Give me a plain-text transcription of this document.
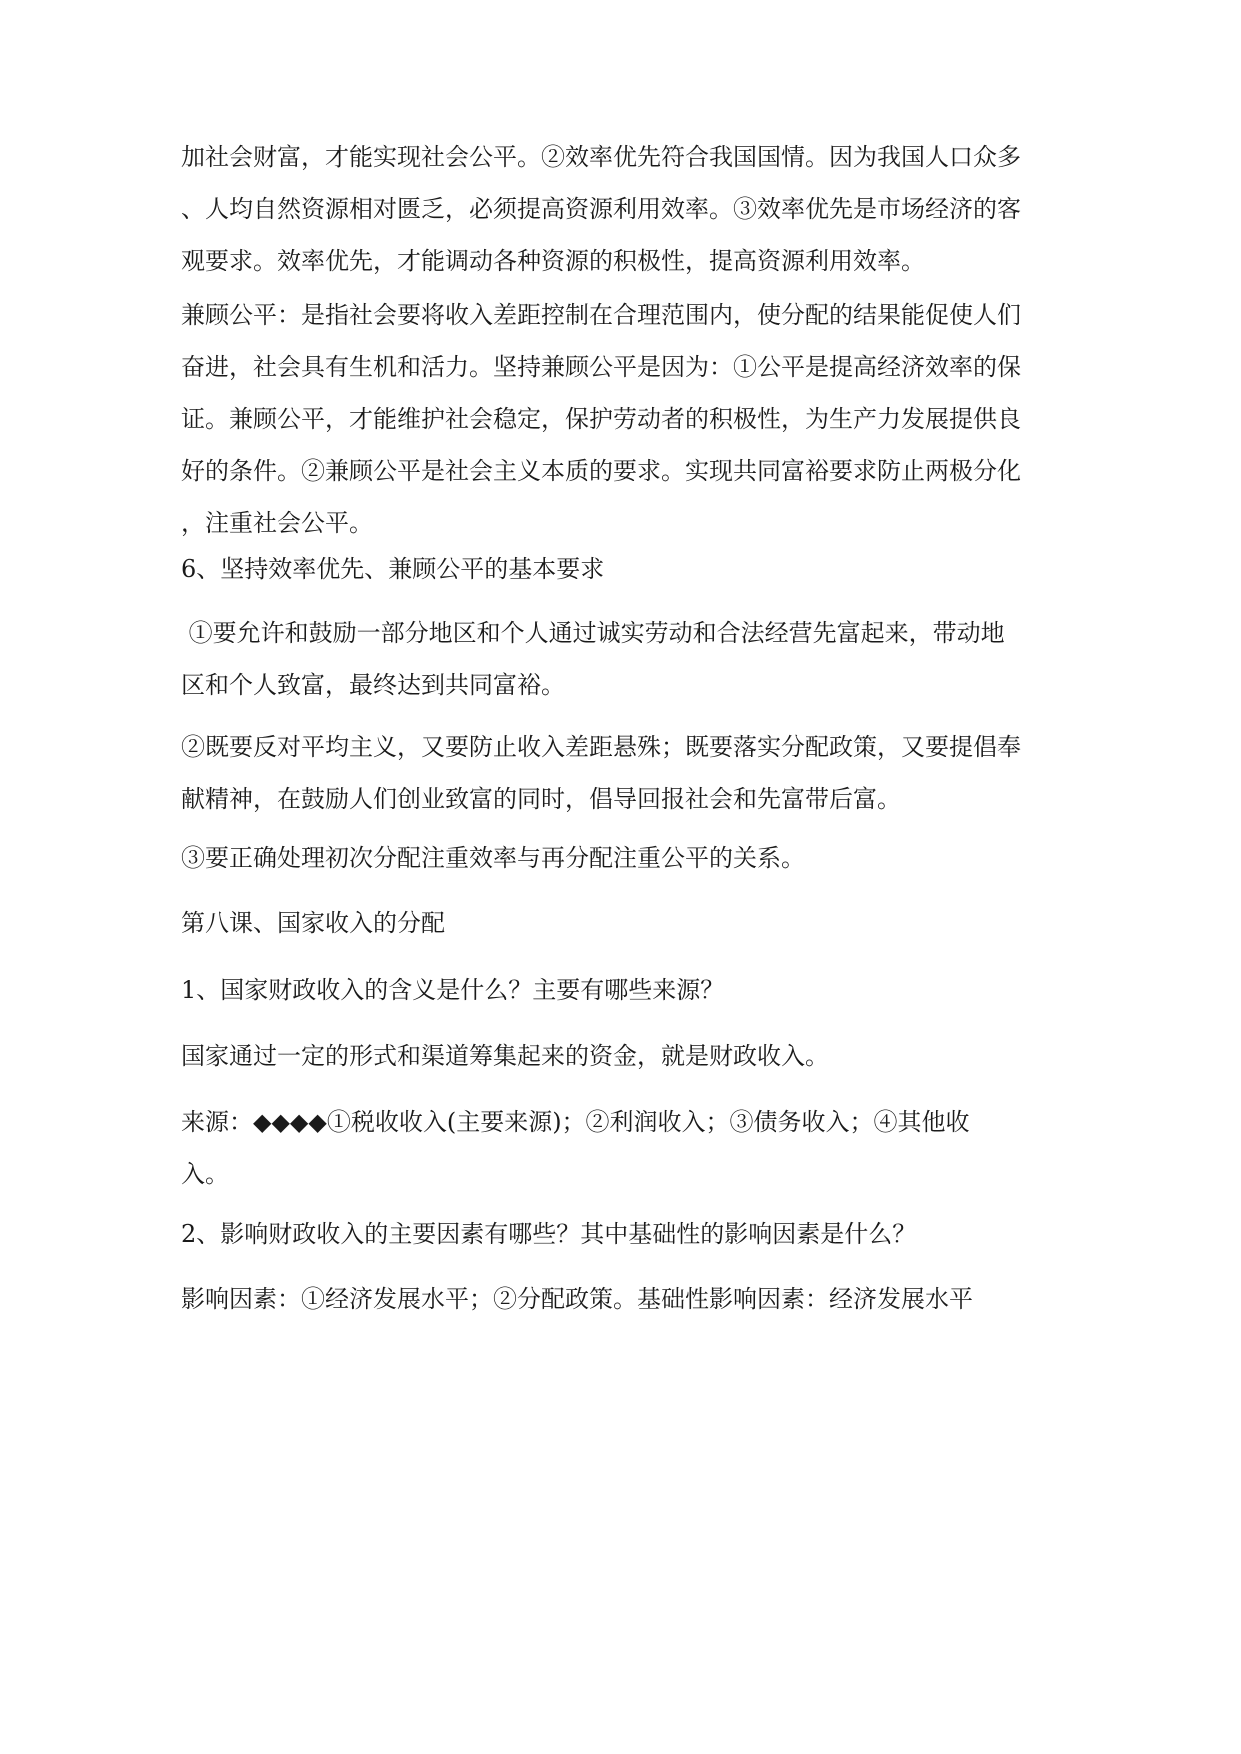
加社会财富，才能实现社会公平。②效率优先符合我国国情。因为我国人口众多
、人均自然资源相对匮乏，必须提高资源利用效率。③效率优先是市场经济的客
观要求。效率优先，才能调动各种资源的积极性，提高资源利用效率。

兼顾公平：是指社会要将收入差距控制在合理范围内，使分配的结果能促使人们
奋进，社会具有生机和活力。坚持兼顾公平是因为：①公平是提高经济效率的保
证。兼顾公平，才能维护社会稳定，保护劳动者的积极性，为生产力发展提供良
好的条件。②兼顾公平是社会主义本质的要求。实现共同富裕要求防止两极分化
，注重社会公平。

6、坚持效率优先、兼顾公平的基本要求

①要允许和鼓励一部分地区和个人通过诚实劳动和合法经营先富起来，带动地
区和个人致富，最终达到共同富裕。

②既要反对平均主义，又要防止收入差距悬殊；既要落实分配政策，又要提倡奉
献精神，在鼓励人们创业致富的同时，倡导回报社会和先富带后富。

③要正确处理初次分配注重效率与再分配注重公平的关系。

第八课、国家收入的分配

1、国家财政收入的含义是什么？主要有哪些来源？

国家通过一定的形式和渠道筹集起来的资金，就是财政收入。

来源：◆◆◆◆①税收收入(主要来源)；②利润收入；③债务收入；④其他收
入。

2、影响财政收入的主要因素有哪些？其中基础性的影响因素是什么？

影响因素：①经济发展水平；②分配政策。基础性影响因素：经济发展水平
